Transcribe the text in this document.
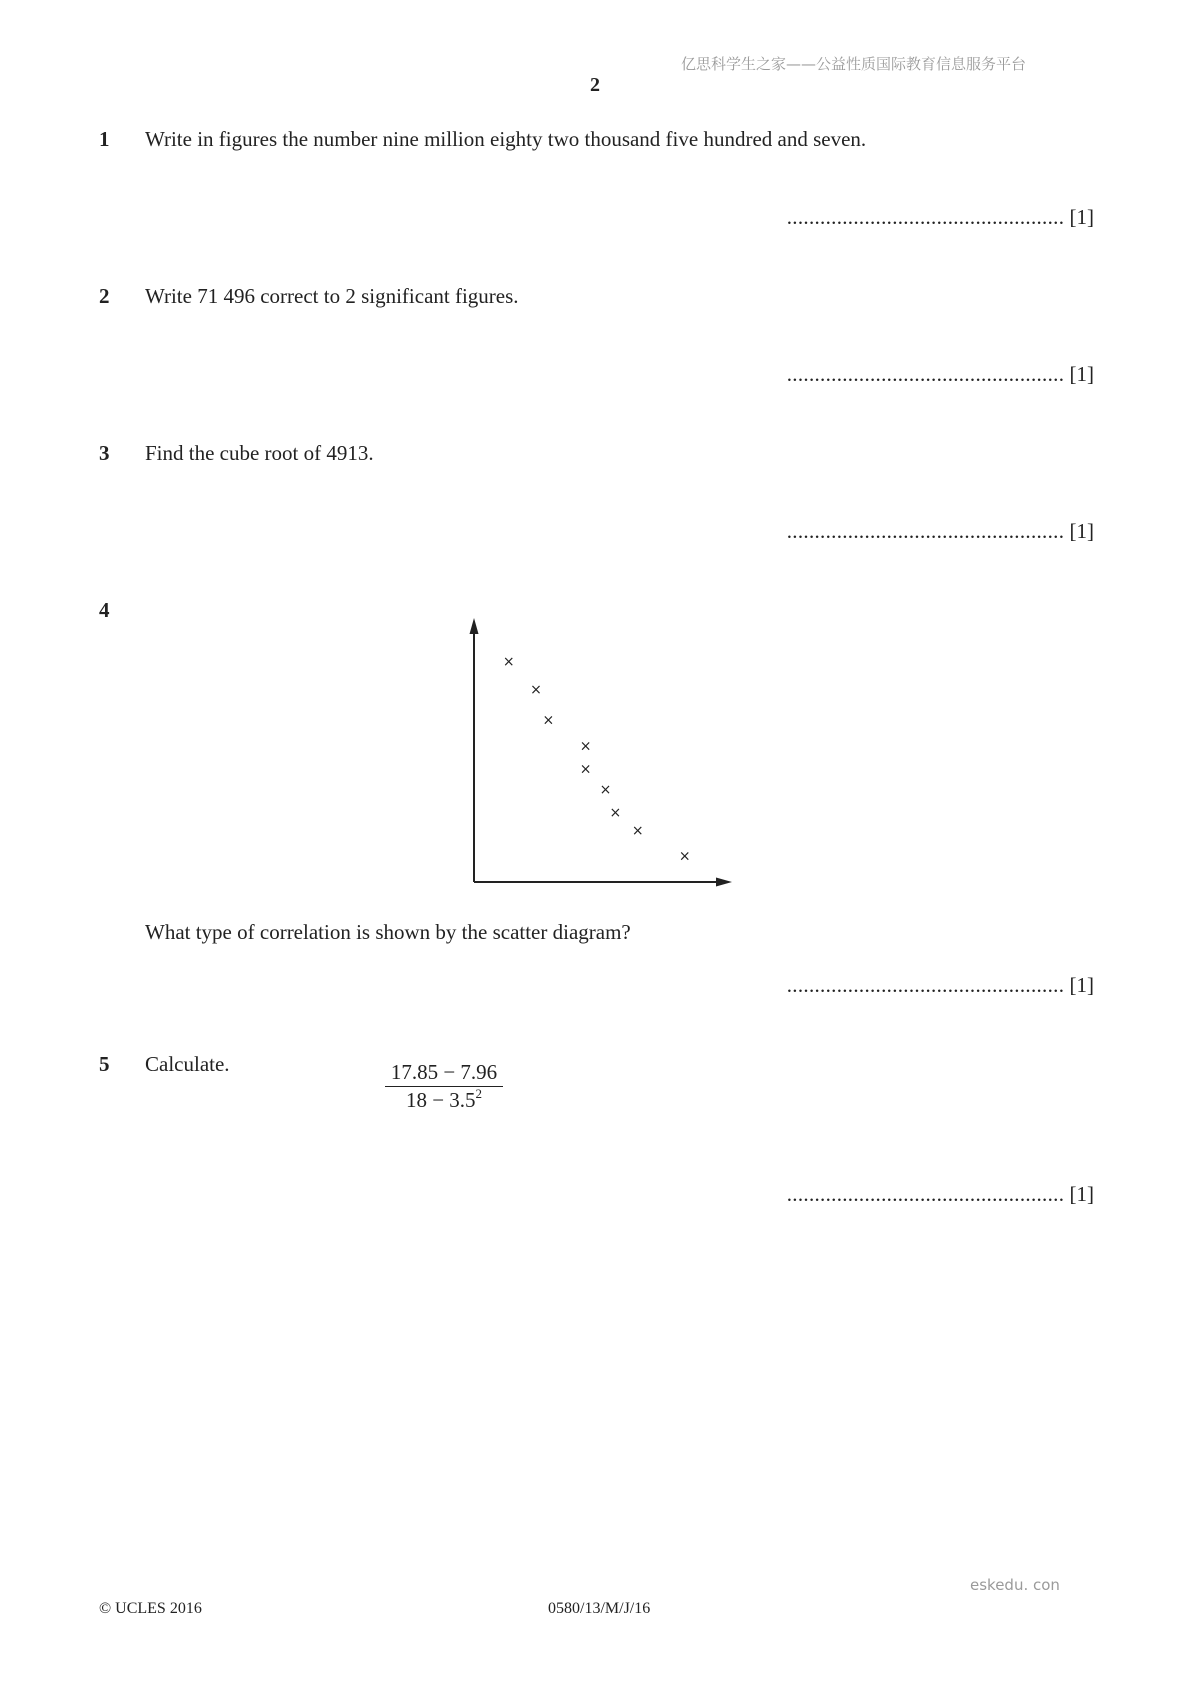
亿思科学生之家——公益性质国际教育信息服务平台
2
1 Write in figures the number nine million eighty two thousand five hundred and seven.
.................................................. [1]
2 Write 71 496 correct to 2 significant figures.
.................................................. [1]
3 Find the cube root of 4913.
.................................................. [1]
4
×
×
×
×
×
×
×
×
×
What type of correlation is shown by the scatter diagram?
.................................................. [1]
5 Calculate.	$\frac{17.85 - 7.96}{18 - 3.5^2}$
.................................................. [1]
eskedu. con
© UCLES 2016	0580/13/M/J/16
